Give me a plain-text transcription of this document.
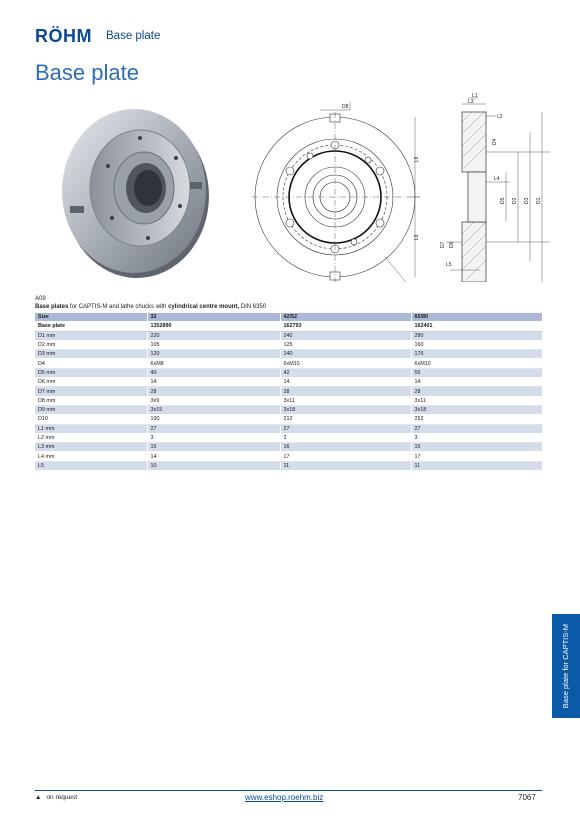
RÖHM Base plate
Base plate
D8
L6
L6
L1
L3
L2
D4
L4
D5 D2 D3 D1
D7 D6
L5
A09
Base plates for CAPTIS-M and lathe chucks with cylindrical centre mount, DIN 6350
Size	32	42/52	65/80
Base plate	1352890	162793	162401
D1 mm	220	240	280
D2 mm	105	125	160
D3 mm	120	140	176
D4	6xM8	6xM10	6xM10
D5 mm	40	42	55
D6 mm	14	14	14
D7 mm	28	28	28
D8 mm	3x9	3x11	3x11
D9 mm	3x15	3x18	3x18
D10	190	212	252
L1 mm	27	27	27
L2 mm	3	3	3
L3 mm	16	16	16
L4 mm	14	17	17
L5	10	11	11
Base plate for CAPTIS-M
▲ on request	www.eshop.roehm.biz	7067
